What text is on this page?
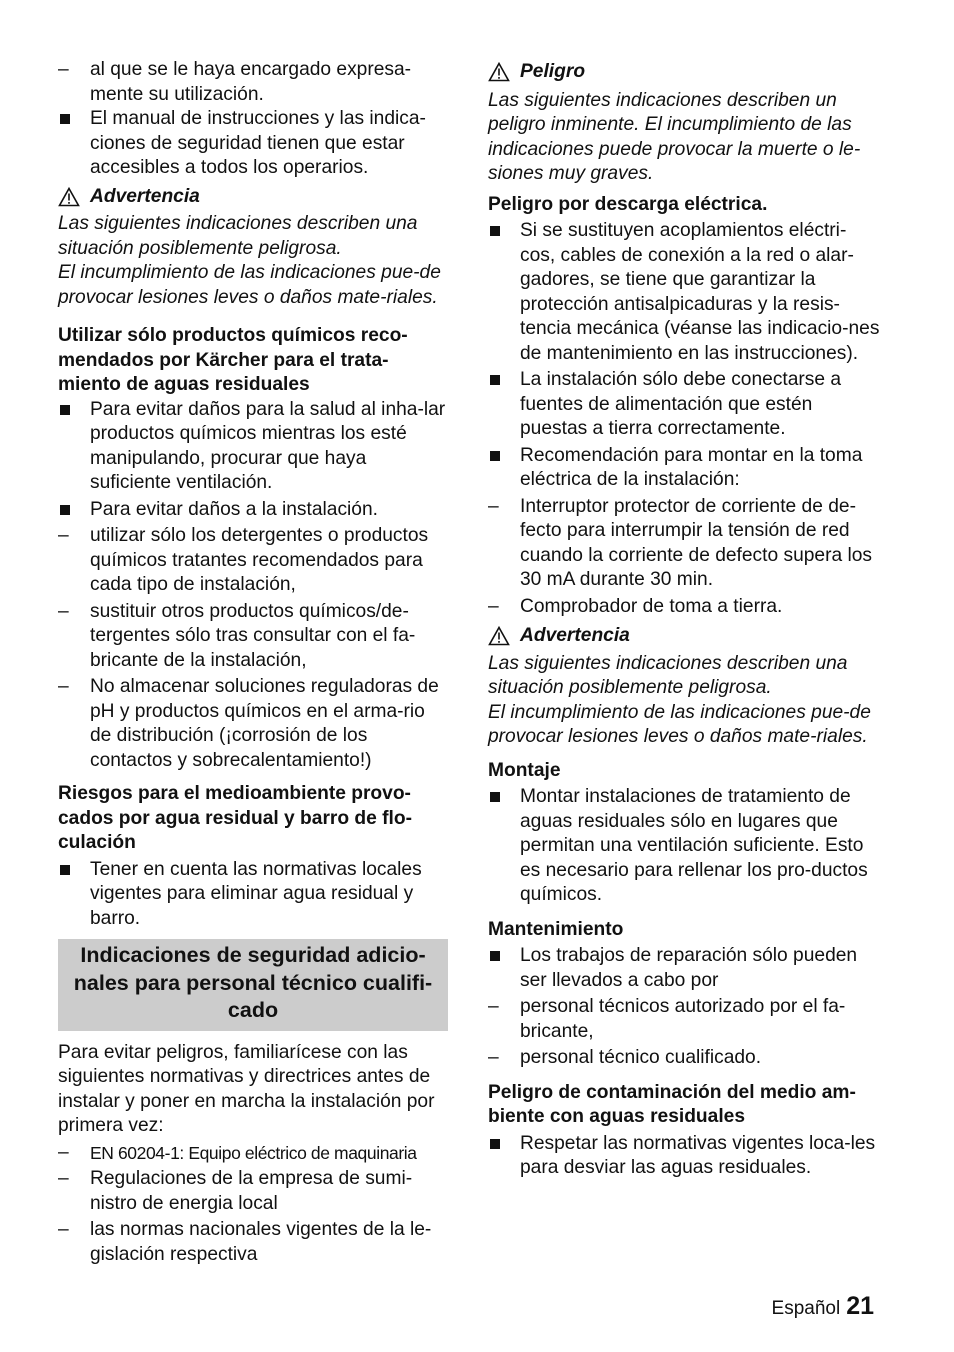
al que se le haya encargado expresa-mente su utilización.

El manual de instrucciones y las indica-ciones de seguridad tienen que estar accesibles a todos los operarios.

Advertencia

Las siguientes indicaciones describen una situación posiblemente peligrosa.

El incumplimiento de las indicaciones pue-de provocar lesiones leves o daños mate-riales.

Utilizar sólo productos químicos reco-mendados por Kärcher para el trata-miento de aguas residuales

Para evitar daños para la salud al inha-lar productos químicos mientras los esté manipulando, procurar que haya suficiente ventilación.

Para evitar daños a la instalación.

utilizar sólo los detergentes o productos químicos tratantes recomendados para cada tipo de instalación,

sustituir otros productos químicos/de-tergentes sólo tras consultar con el fa-bricante de la instalación,

No almacenar soluciones reguladoras de pH y productos químicos en el arma-rio de distribución (¡corrosión de los contactos y sobrecalentamiento!)

Riesgos para el medioambiente provo-cados por agua residual y barro de flo-culación

Tener en cuenta las normativas locales vigentes para eliminar agua residual y barro.

Indicaciones de seguridad adicio-nales para personal técnico cualifi-cado

Para evitar peligros, familiarícese con las siguientes normativas y directrices antes de instalar y poner en marcha la instalación por primera vez:

EN 60204-1: Equipo eléctrico de maquinaria

Regulaciones de la empresa de sumi-nistro de energia local

las normas nacionales vigentes de la le-gislación respectiva

Peligro

Las siguientes indicaciones describen un peligro inminente. El incumplimiento de las indicaciones puede provocar la muerte o le-siones muy graves.

Peligro por descarga eléctrica.

Si se sustituyen acoplamientos eléctri-cos, cables de conexión a la red o alar-gadores, se tiene que garantizar la protección antisalpicaduras y la resis-tencia mecánica (véanse las indicacio-nes de mantenimiento en las instrucciones).

La instalación sólo debe conectarse a fuentes de alimentación que estén puestas a tierra correctamente.

Recomendación para montar en la toma eléctrica de la instalación:

Interruptor protector de corriente de de-fecto para interrumpir la tensión de red cuando la corriente de defecto supera los 30 mA durante 30 min.

Comprobador de toma a tierra.

Advertencia

Las siguientes indicaciones describen una situación posiblemente peligrosa.

El incumplimiento de las indicaciones pue-de provocar lesiones leves o daños mate-riales.

Montaje

Montar instalaciones de tratamiento de aguas residuales sólo en lugares que permitan una ventilación suficiente. Esto es necesario para rellenar los pro-ductos químicos.

Mantenimiento

Los trabajos de reparación sólo pueden ser llevados a cabo por

personal técnicos autorizado por el fa-bricante,

personal técnico cualificado.

Peligro de contaminación del medio am-biente con aguas residuales

Respetar las normativas vigentes loca-les para desviar las aguas residuales.

Español 21
